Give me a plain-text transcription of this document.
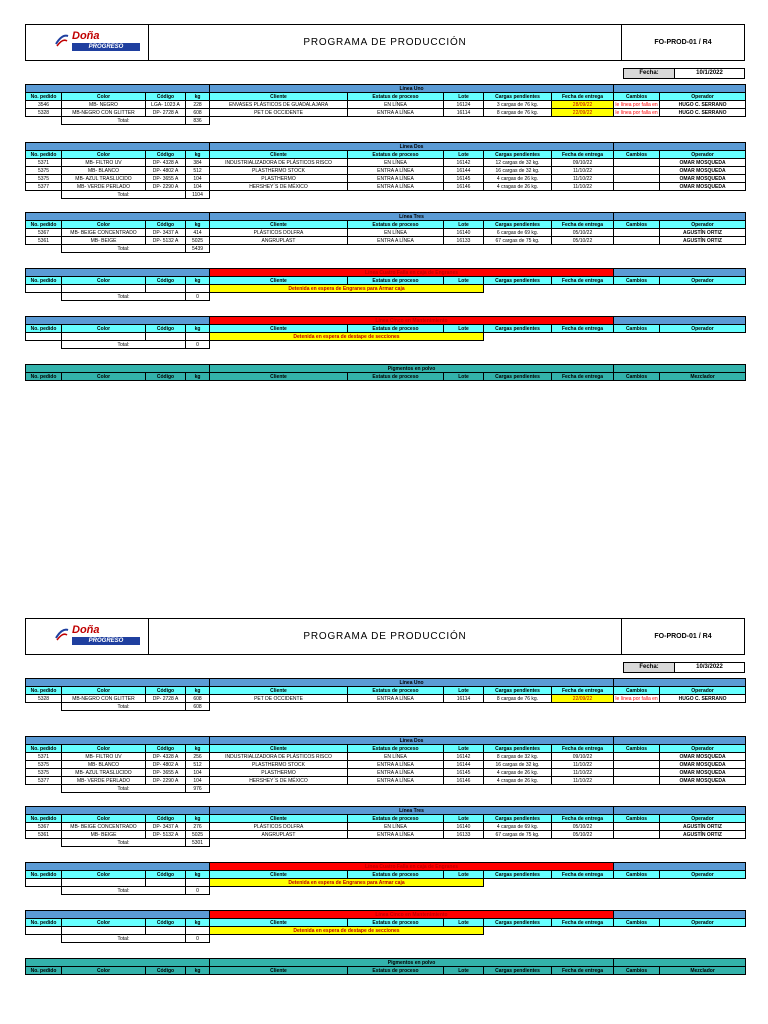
Doña
PROGRESO	PROGRAMA DE PRODUCCIÓN	FO-PROD-01 / R4
Fecha:	10/1/2022
				Línea Uno						
No. pedido	Color	Código	kg	Cliente	Estatus de proceso	Lote	Cargas pendientes	Fecha de entrega	Cambios	Operador
3546	MB- NEGRO	LGA- 1023 A	228	ENVASES PLÁSTICOS DE GUADALAJARA	EN LÍNEA	16124	3 cargas de 76 kg.	28/09/22	le línea por falla en	HUGO C. SERRANO
5328	MB-NEGRO CON GLITTER	DP- 2728 A	608	PET DE OCCIDENTE	ENTRA A LÍNEA	16114	8 cargas de 76 kg.	22/09/22	le línea por falla en	HUGO C. SERRANO
	Total:		836							
				Línea Dos						
No. pedido	Color	Código	kg	Cliente	Estatus de proceso	Lote	Cargas pendientes	Fecha de entrega	Cambios	Operador
5371	MB- FILTRO UV	DP- 4328 A	384	INDUSTRIALIZADORA DE PLÁSTICOS RISCO	EN LÍNEA	16142	12 cargas de 32 kg.	09/10/22		OMAR MOSQUEDA
5375	MB- BLANCO	DP- 4802 A	512	PLASTHERMO STOCK	ENTRA A LÍNEA	16144	16 cargas de 32 kg.	11/10/22		OMAR MOSQUEDA
5375	MB- AZUL TRASLUCIDO	DP- 3655 A	104	PLASTHERMO	ENTRA A LÍNEA	16145	4 cargas de 26 kg.	11/10/22		OMAR MOSQUEDA
5377	MB- VERDE PERLADO	DP- 2290 A	104	HERSHEY´S DE MÉXICO	ENTRA A LÍNEA	16146	4 cragas de 26 kg.	11/10/22		OMAR MOSQUEDA
	Total:		1104							
				Línea Tres						
No. pedido	Color	Código	kg	Cliente	Estatus de proceso	Lote	Cargas pendientes	Fecha de entrega	Cambios	Operador
5367	MB- BEIGE CONCENTRADO	DP- 3437 A	414	PLÁSTICOS DOLFRA	EN LÍNEA	16140	6 cargas de 69 kg.	05/10/22		AGUSTÍN ORTIZ
5361	MB- BEIGE	DP- 5132 A	5025	ANGRUPLAST	ENTRA A LÍNEA	16133	67 cargas de 75 kg.	05/10/22		AGUSTÍN ORTIZ
	Total:		5439							
				Línea Cuatro Falla en caja de Engranes						
No. pedido	Color	Código	kg	Cliente	Estatus de proceso	Lote	Cargas pendientes	Fecha de entrega	Cambios	Operador
				Detenida en espera de Engranes para Armar caja						
	Total:		0							
				Línea Cinco en Mantenimiento						
No. pedido	Color	Código	kg	Cliente	Estatus de proceso	Lote	Cargas pendientes	Fecha de entrega	Cambios	Operador
				Detenida en espera de destape de secciones						
	Total:		0							
				Pigmentos en polvo						
No. pedido	Color	Código	kg	Cliente	Estatus de proceso	Lote	Cargas pendientes	Fecha de entrega	Cambios	Mezclador
Doña
PROGRESO	PROGRAMA DE PRODUCCIÓN	FO-PROD-01 / R4
Fecha:	10/3/2022
				Línea Uno						
No. pedido	Color	Código	kg	Cliente	Estatus de proceso	Lote	Cargas pendientes	Fecha de entrega	Cambios	Operador
5328	MB-NEGRO CON GLITTER	DP- 2728 A	608	PET DE OCCIDENTE	ENTRA A LÍNEA	16114	8 cargas de 76 kg.	22/09/22	le línea por falla en	HUGO C. SERRANO
	Total:		608							
				Línea Dos						
No. pedido	Color	Código	kg	Cliente	Estatus de proceso	Lote	Cargas pendientes	Fecha de entrega	Cambios	Operador
5371	MB- FILTRO UV	DP- 4328 A	256	INDUSTRIALIZADORA DE PLÁSTICOS RISCO	EN LÍNEA	16142	8 cargas de 32 kg.	09/10/22		OMAR MOSQUEDA
5375	MB- BLANCO	DP- 4802 A	512	PLASTHERMO STOCK	ENTRA A LÍNEA	16144	16 cargas de 32 kg.	11/10/22		OMAR MOSQUEDA
5375	MB- AZUL TRASLUCIDO	DP- 3655 A	104	PLASTHERMO	ENTRA A LÍNEA	16145	4 cargas de 26 kg.	11/10/22		OMAR MOSQUEDA
5377	MB- VERDE PERLADO	DP- 2290 A	104	HERSHEY´S DE MÉXICO	ENTRA A LÍNEA	16146	4 cragas de 26 kg.	11/10/22		OMAR MOSQUEDA
	Total:		976							
				Línea Tres						
No. pedido	Color	Código	kg	Cliente	Estatus de proceso	Lote	Cargas pendientes	Fecha de entrega	Cambios	Operador
5367	MB- BEIGE CONCENTRADO	DP- 3437 A	276	PLÁSTICOS DOLFRA	EN LÍNEA	16140	4 cargas de 69 kg.	05/10/22		AGUSTÍN ORTIZ
5361	MB- BEIGE	DP- 5132 A	5025	ANGRUPLAST	ENTRA A LÍNEA	16133	67 cargas de 75 kg.	05/10/22		AGUSTÍN ORTIZ
	Total:		5301							
				Línea Cuatro Falla en caja de Engranes						
No. pedido	Color	Código	kg	Cliente	Estatus de proceso	Lote	Cargas pendientes	Fecha de entrega	Cambios	Operador
				Detenida en espera de Engranes para Armar caja						
	Total:		0							
				Línea Cinco en Mantenimiento						
No. pedido	Color	Código	kg	Cliente	Estatus de proceso	Lote	Cargas pendientes	Fecha de entrega	Cambios	Operador
				Detenida en espera de destape de secciones						
	Total:		0							
				Pigmentos en polvo						
No. pedido	Color	Código	kg	Cliente	Estatus de proceso	Lote	Cargas pendientes	Fecha de entrega	Cambios	Mezclador
